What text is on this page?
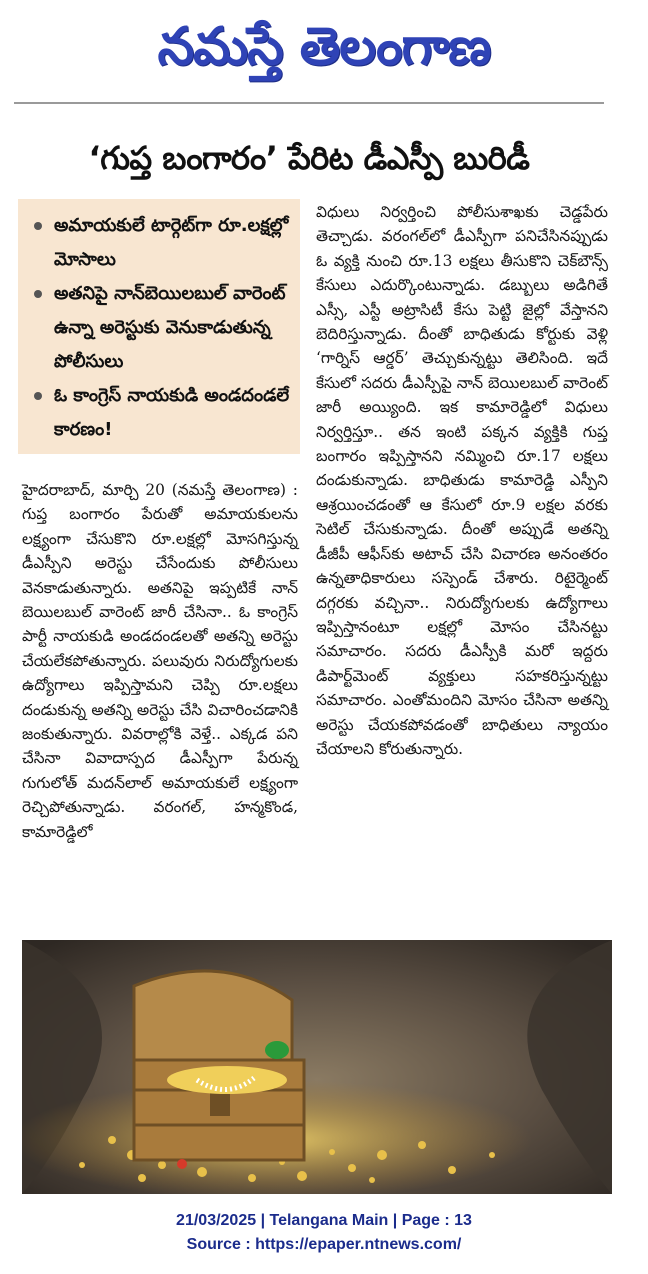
నమస్తే తెలంగాణ
‘గుప్త బంగారం’ పేరిట డీఎస్పీ బురిడీ
అమాయకులే టార్గెట్‌గా రూ.లక్షల్లో మోసాలు
అతనిపై నాన్‌బెయిలబుల్ వారెంట్ ఉన్నా అరెస్టుకు వెనుకాడుతున్న పోలీసులు
ఓ కాంగ్రెస్ నాయకుడి అండదండలే కారణం!

హైదరాబాద్, మార్చి 20 (నమస్తే తెలంగాణ) : గుప్త బంగారం పేరుతో అమాయకులను లక్ష్యంగా చేసుకొని రూ.లక్షల్లో మోసగిస్తున్న డీఎస్పీని అరెస్టు చేసేందుకు పోలీసులు వెనకాడుతున్నారు. అతనిపై ఇప్పటికే నాన్ బెయిలబుల్ వారెంట్ జారీ చేసినా.. ఓ కాంగ్రెస్ పార్టీ నాయకుడి అండదండలతో అతన్ని అరెస్టు చేయలేకపోతున్నారు. పలువురు నిరుద్యోగులకు ఉద్యోగాలు ఇప్పిస్తామని చెప్పి రూ.లక్షలు దండుకున్న అతన్ని అరెస్టు చేసి విచారించడానికి జంకుతున్నారు. వివరాల్లోకి వెళ్తే.. ఎక్కడ పని చేసినా వివాదాస్పద డీఎస్పీగా పేరున్న గుగులోత్ మదన్‌లాల్ అమాయకులే లక్ష్యంగా రెచ్చిపోతున్నాడు. వరంగల్, హన్మకొండ, కామారెడ్డిలో

విధులు నిర్వర్తించి పోలీసుశాఖకు చెడ్డపేరు తెచ్చాడు. వరంగల్‌లో డీఎస్పీగా పనిచేసినప్పుడు ఓ వ్యక్తి నుంచి రూ.13 లక్షలు తీసుకొని చెక్‌బౌన్స్ కేసులు ఎదుర్కొంటున్నాడు. డబ్బులు అడిగితే ఎస్సీ, ఎస్టీ అట్రాసిటీ కేసు పెట్టి జైల్లో వేస్తానని బెదిరిస్తున్నాడు. దీంతో బాధితుడు కోర్టుకు వెళ్లి ‘గార్నిస్ ఆర్డర్’ తెచ్చుకున్నట్టు తెలిసింది. ఇదే కేసులో సదరు డీఎస్పీపై నాన్ బెయిలబుల్ వారెంట్ జారీ అయ్యింది. ఇక కామారెడ్డిలో విధులు నిర్వర్తిస్తూ.. తన ఇంటి పక్కన వ్యక్తికి గుప్త బంగారం ఇప్పిస్తానని నమ్మించి రూ.17 లక్షలు దండుకున్నాడు. బాధితుడు కామారెడ్డి ఎస్పీని ఆశ్రయించడంతో ఆ కేసులో రూ.9 లక్షల వరకు సెటిల్ చేసుకున్నాడు. దీంతో అప్పుడే అతన్ని డీజీపీ ఆఫీస్‌కు అటాచ్ చేసి విచారణ అనంతరం ఉన్నతాధికారులు సస్పెండ్ చేశారు. రిటైర్మెంట్ దగ్గరకు వచ్చినా.. నిరుద్యోగులకు ఉద్యోగాలు ఇప్పిస్తానంటూ లక్షల్లో మోసం చేసినట్టు సమాచారం. సదరు డీఎస్పీకి మరో ఇద్దరు డిపార్ట్‌మెంట్ వ్యక్తులు సహకరిస్తున్నట్టు సమాచారం. ఎంతోమందిని మోసం చేసినా అతన్ని అరెస్టు చేయకపోవడంతో బాధితులు న్యాయం చేయాలని కోరుతున్నారు.

21/03/2025 | Telangana Main | Page : 13
Source : https://epaper.ntnews.com/
